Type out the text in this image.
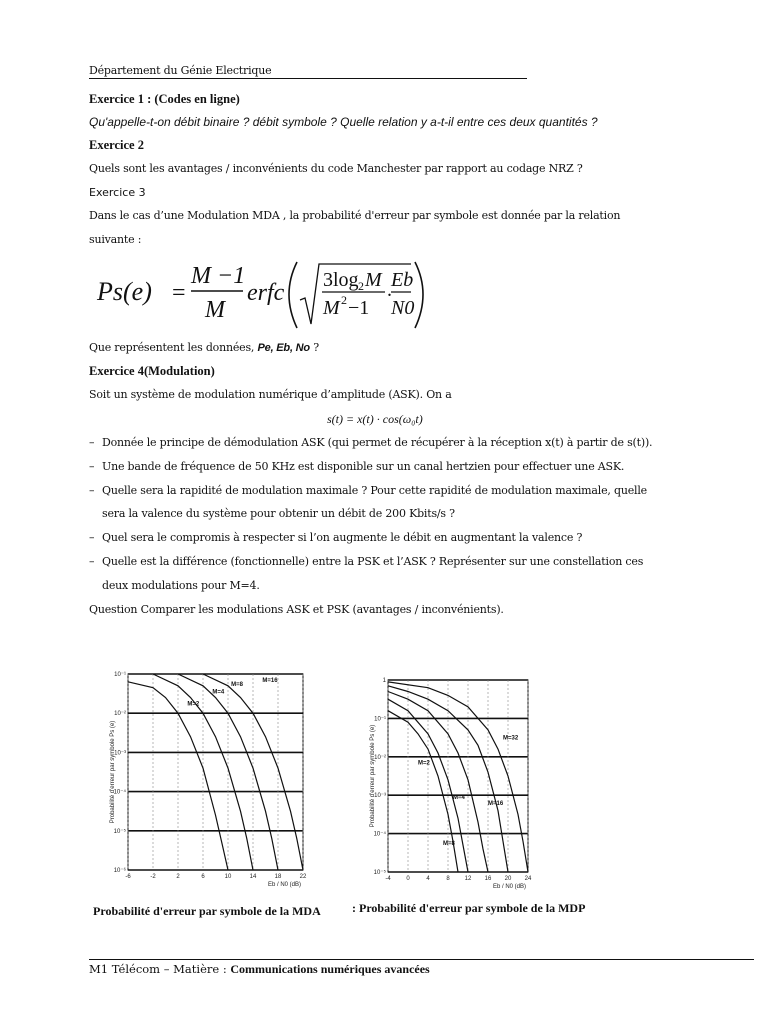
Département du Génie Electrique
Exercice 1 : (Codes en ligne)
Qu'appelle-t-on débit binaire ? débit symbole ? Quelle relation y a-t-il entre ces deux quantités ?
Exercice 2
Quels sont les avantages / inconvénients du code Manchester par rapport au codage NRZ ?
Exercice 3
Dans le cas d’une Modulation MDA , la probabilité d'erreur par symbole est donnée par la relation
suivante :
Ps(e) =
M −1
M
erfc 3log 2 M
M 2 −1
. Eb
N0
Que représentent les données, Pe, Eb, No ?
Exercice 4(Modulation)
Soit un système de modulation numérique d’amplitude (ASK). On a
s(t) = x(t) · cos(ω₀t)
– Donnée le principe de démodulation ASK (qui permet de récupérer à la réception x(t) à partir de s(t)).
– Une bande de fréquence de 50 KHz est disponible sur un canal hertzien pour effectuer une ASK.
– Quelle sera la rapidité de modulation maximale ? Pour cette rapidité de modulation maximale, quelle
sera la valence du système pour obtenir un débit de 200 Kbits/s ?
– Quel sera le compromis à respecter si l’on augmente le débit en augmentant la valence ?
– Quelle est la différence (fonctionnelle) entre la PSK et l’ASK ? Représenter sur une constellation ces
deux modulations pour M=4.
Question Comparer les modulations ASK et PSK (avantages / inconvénients).
10⁻¹
10⁻²
10⁻³
10⁻⁴
10⁻⁵
10⁻⁶
-6	-2	2	6	10	14	18	22
Eb / N0 (dB)
Probabilité d'erreur par symbole Ps (e)
M=2
M=4
M=8
M=16
Probabilité d'erreur par symbole de la MDA
1
10⁻¹
10⁻²
10⁻³
10⁻⁴
10⁻⁵
-4	0	4	8 12 16 20 24
Eb / N0 (dB)
Probabilité d'erreur par symbole Ps (e)	M=2
M=4
M=8
M=16
M=32
: Probabilité d'erreur par symbole de la MDP
M1 Télécom – Matière : Communications numériques avancées
